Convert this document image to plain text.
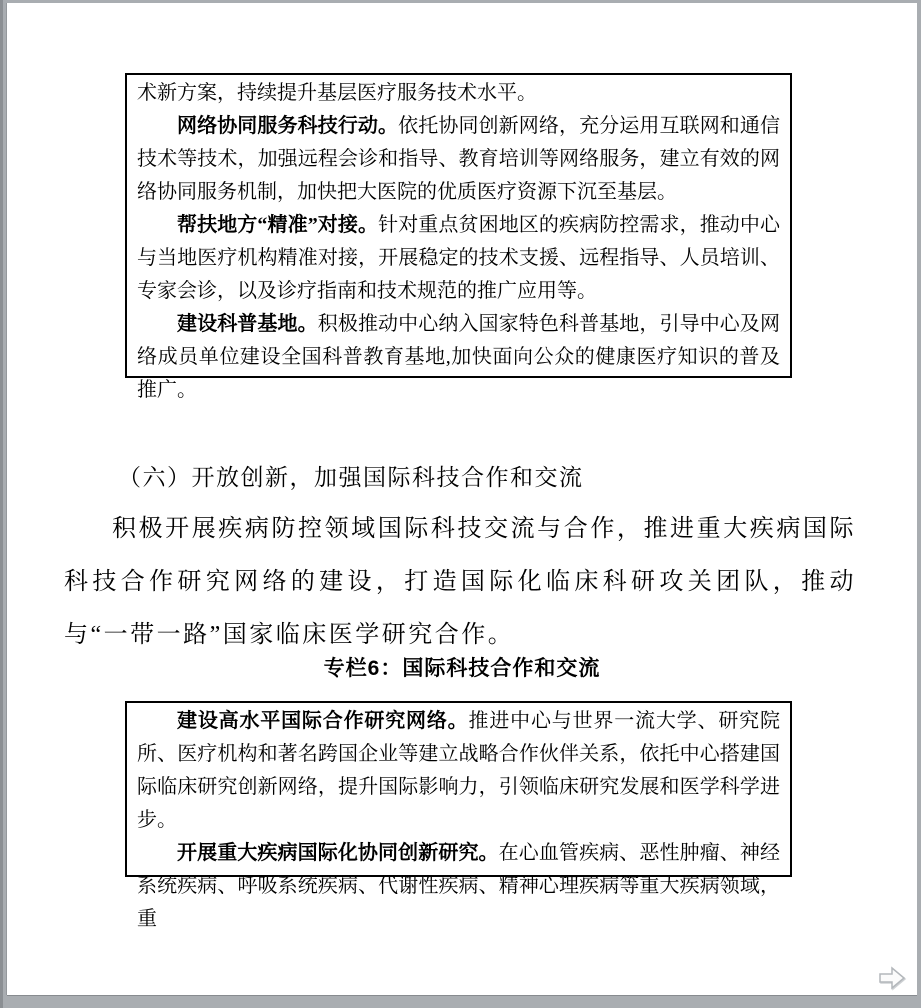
术新方案，持续提升基层医疗服务技术水平。

网络协同服务科技行动。依托协同创新网络，充分运用互联网和通信技术等技术，加强远程会诊和指导、教育培训等网络服务，建立有效的网络协同服务机制，加快把大医院的优质医疗资源下沉至基层。

帮扶地方“精准”对接。针对重点贫困地区的疾病防控需求，推动中心与当地医疗机构精准对接，开展稳定的技术支援、远程指导、人员培训、专家会诊，以及诊疗指南和技术规范的推广应用等。

建设科普基地。积极推动中心纳入国家特色科普基地，引导中心及网络成员单位建设全国科普教育基地,加快面向公众的健康医疗知识的普及推广。

（六）开放创新，加强国际科技合作和交流

积极开展疾病防控领域国际科技交流与合作，推进重大疾病国际科技合作研究网络的建设，打造国际化临床科研攻关团队，推动与“一带一路”国家临床医学研究合作。

专栏6：国际科技合作和交流

建设高水平国际合作研究网络。推进中心与世界一流大学、研究院所、医疗机构和著名跨国企业等建立战略合作伙伴关系，依托中心搭建国际临床研究创新网络，提升国际影响力，引领临床研究发展和医学科学进步。

开展重大疾病国际化协同创新研究。在心血管疾病、恶性肿瘤、神经系统疾病、呼吸系统疾病、代谢性疾病、精神心理疾病等重大疾病领域，重
